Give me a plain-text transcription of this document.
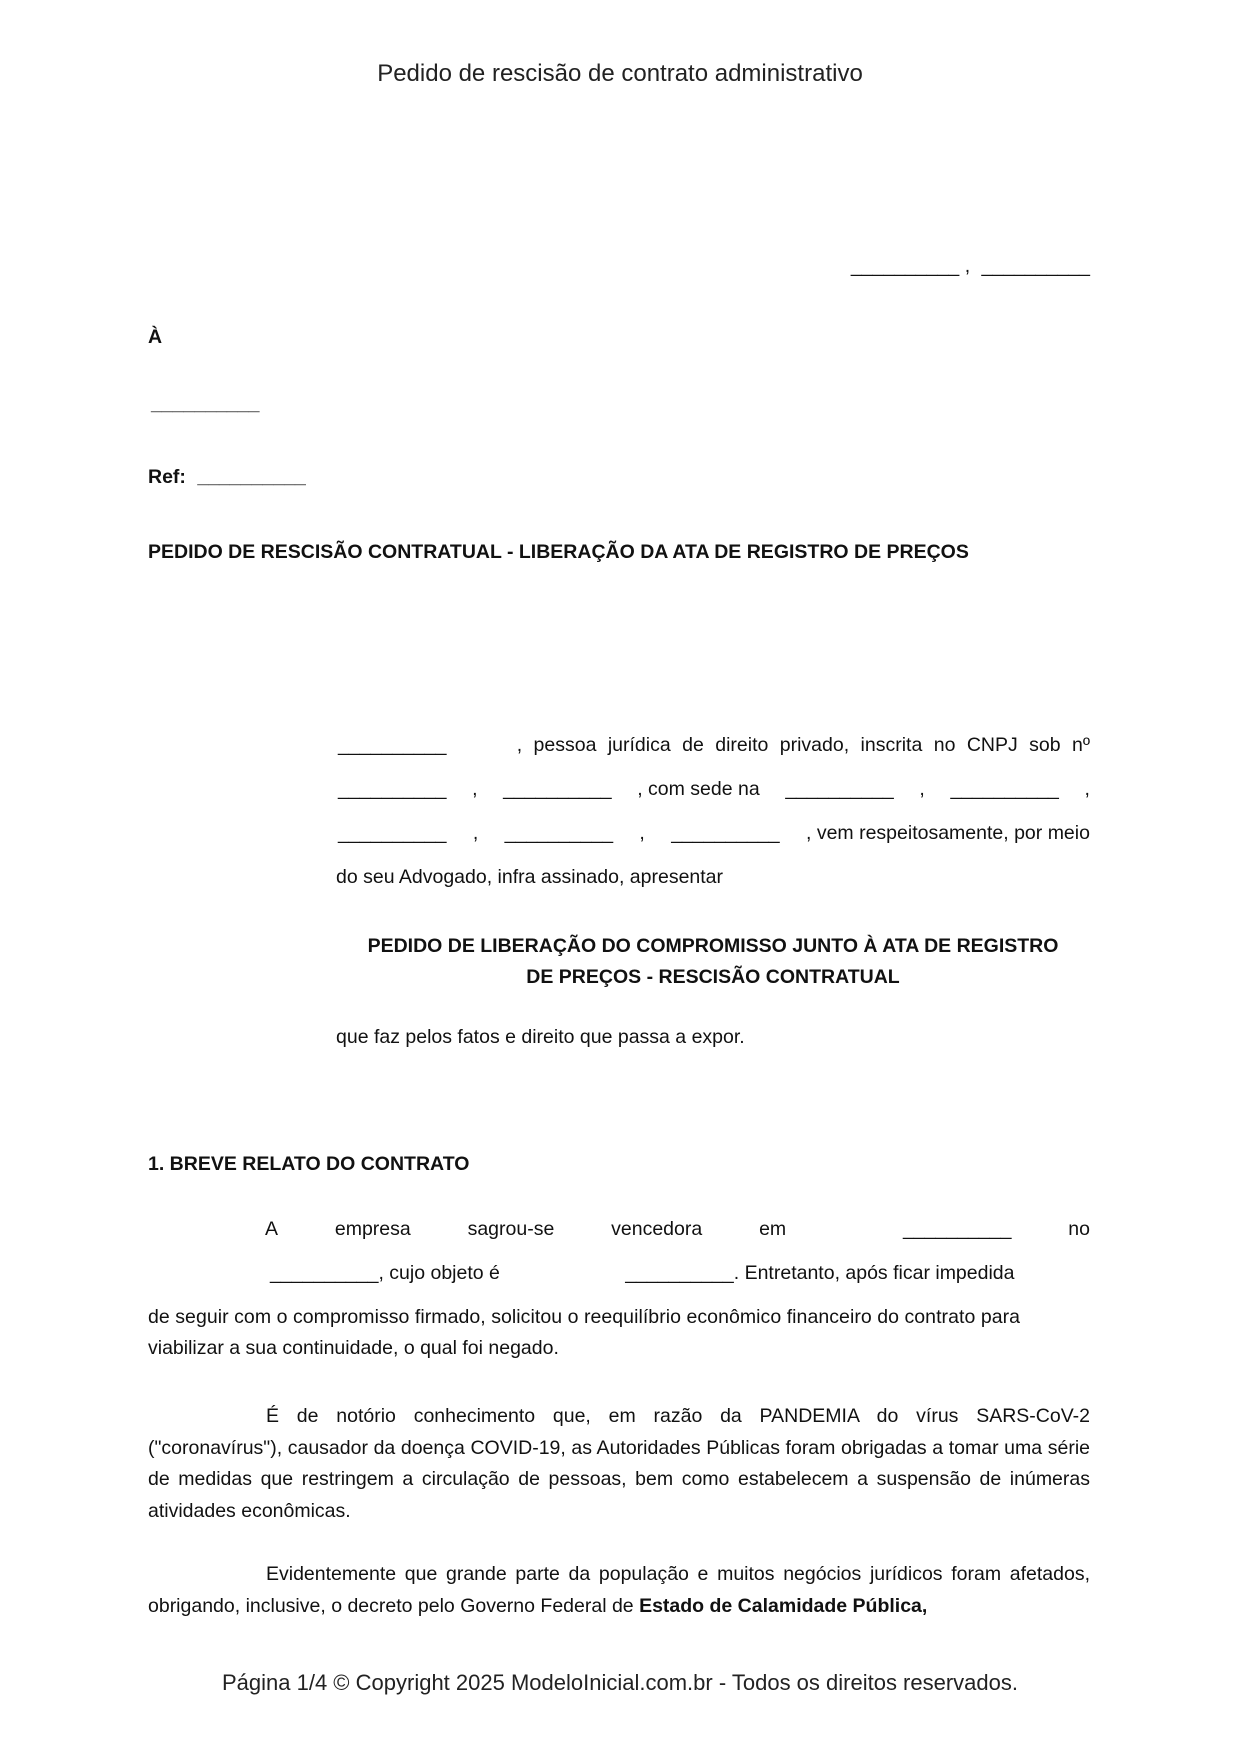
Pedido de rescisão de contrato administrativo
__________ , __________
À
__________
Ref: __________
PEDIDO DE RESCISÃO CONTRATUAL - LIBERAÇÃO DA ATA DE REGISTRO DE PREÇOS
__________	, pessoa jurídica de direito privado, inscrita no CNPJ sob nº
__________ , __________ , com sede na __________ , __________ ,
__________ , __________ , __________ , vem respeitosamente, por meio
do seu Advogado, infra assinado, apresentar
PEDIDO DE LIBERAÇÃO DO COMPROMISSO JUNTO À ATA DE REGISTRO
DE PREÇOS - RESCISÃO CONTRATUAL
que faz pelos fatos e direito que passa a expor.
1. BREVE RELATO DO CONTRATO
A	empresa	sagrou-se	vencedora	em	__________	no
__________, cujo objeto é	__________. Entretanto, após ficar impedida
de seguir com o compromisso firmado, solicitou o reequilíbrio econômico financeiro do contrato para
viabilizar a sua continuidade, o qual foi negado.

É de notório conhecimento que, em razão da PANDEMIA do vírus SARS-CoV-2 ("coronavírus"), causador da doença COVID-19, as Autoridades Públicas foram obrigadas a tomar uma série de medidas que restringem a circulação de pessoas, bem como estabelecem a suspensão de inúmeras atividades econômicas.

Evidentemente que grande parte da população e muitos negócios jurídicos foram afetados, obrigando, inclusive, o decreto pelo Governo Federal de Estado de Calamidade Pública,

Página 1/4 © Copyright 2025 ModeloInicial.com.br - Todos os direitos reservados.
